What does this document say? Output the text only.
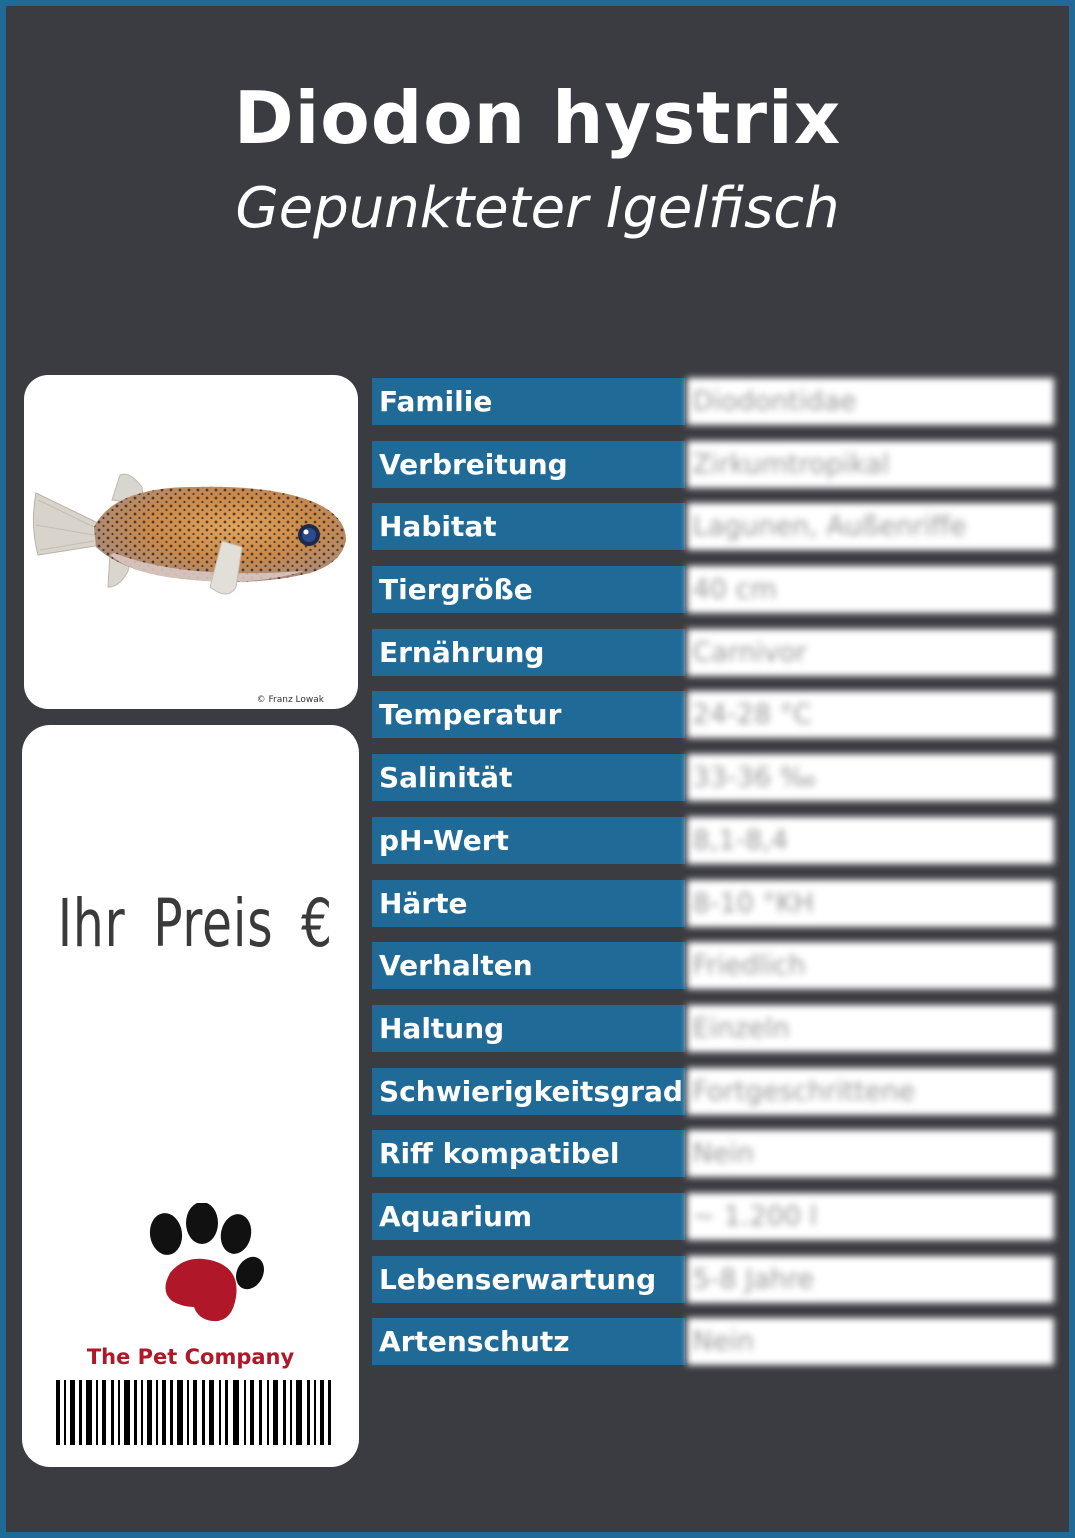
Diodon hystrix
Gepunkteter Igelfisch
© Franz Lowak
Ihr Preis €
The Pet Company
Familie	Diodontidae
Verbreitung	Zirkumtropikal
Habitat	Lagunen, Außenriffe
Tiergröße	40 cm
Ernährung	Carnivor
Temperatur	24-28 °C
Salinität	33-36 ‰
pH-Wert	8,1-8,4
Härte	8-10 °KH
Verhalten	Friedlich
Haltung	Einzeln
Schwierigkeitsgrad Fortgeschrittene
Riff kompatibel	Nein
Aquarium	~ 1.200 l
Lebenserwartung	5-8 Jahre
Artenschutz	Nein
